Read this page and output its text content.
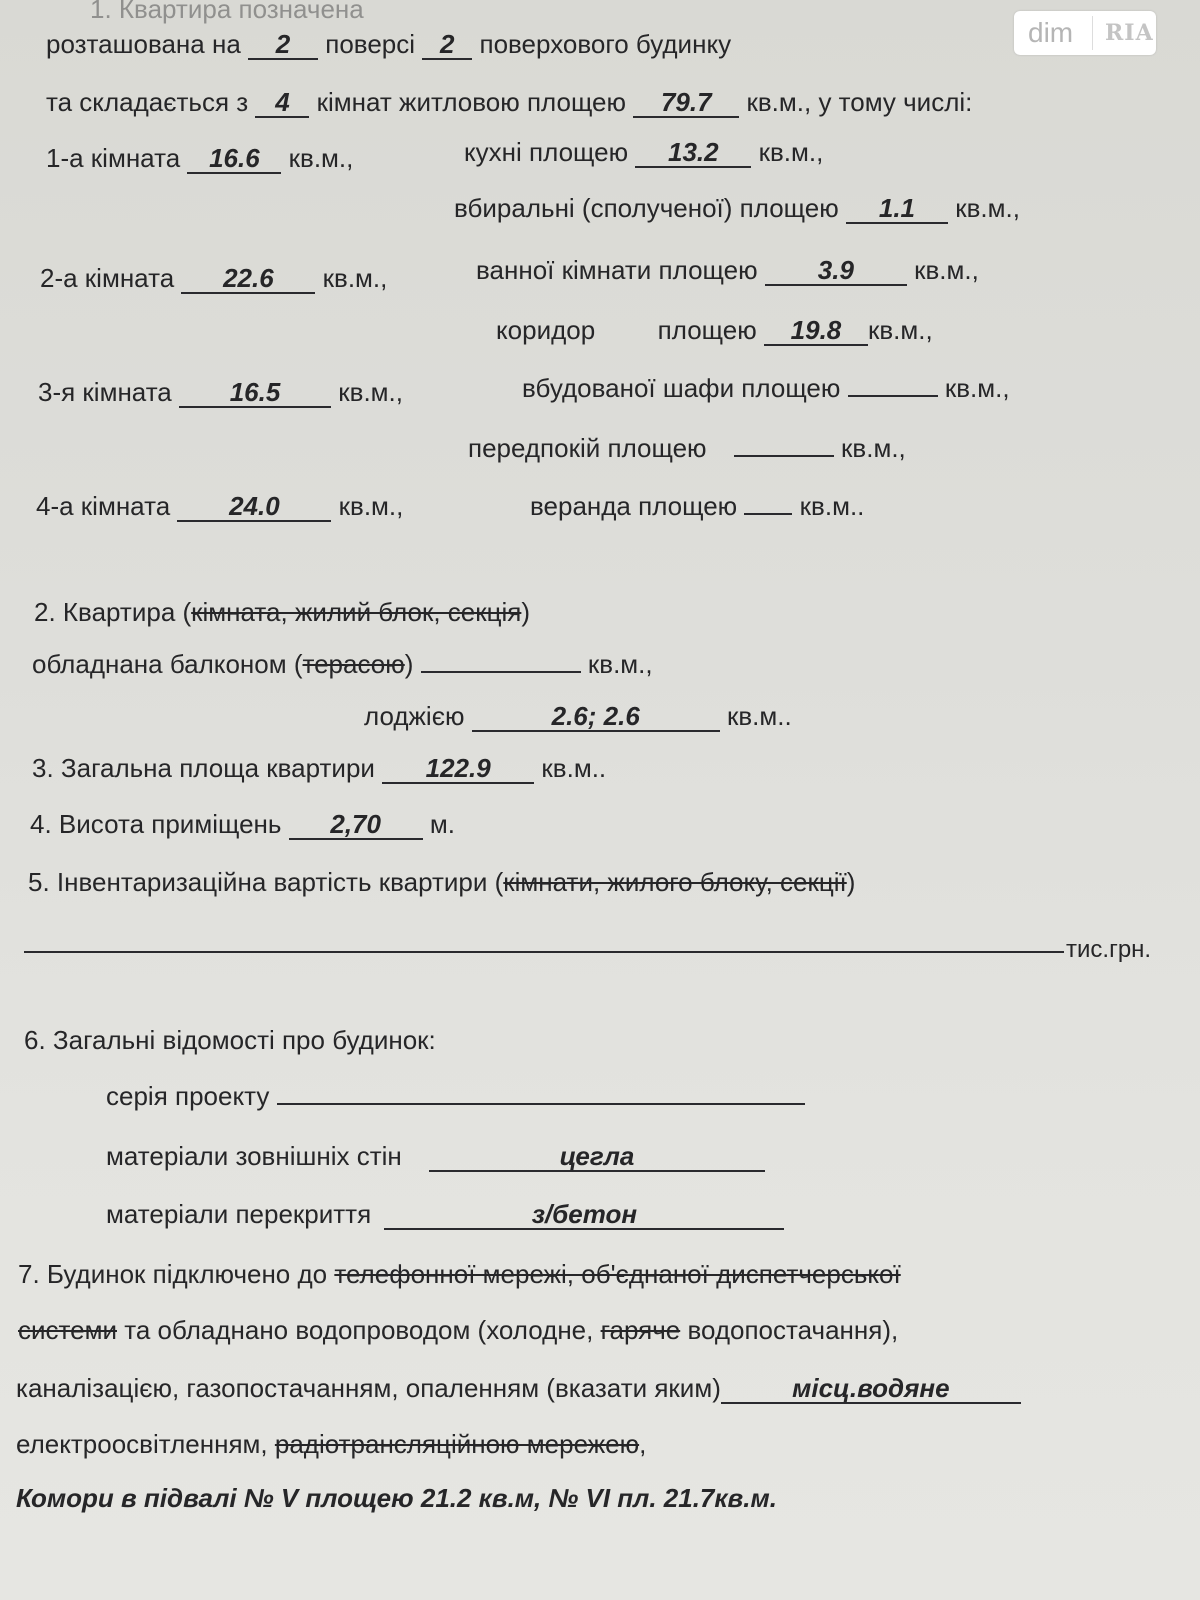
1. Квартира позначена
dim	RIA
розташована на 2 поверсі 2 поверхового будинку
та складається з 4 кімнат житловою площею 79.7 кв.м., у тому числі:
1-а кімната 16.6 кв.м.,	кухні площею 13.2 кв.м.,
вбиральні (сполученої) площею 1.1 кв.м.,
2-а кімната 22.6 кв.м.,	ванної кімнати площею 3.9 кв.м.,
коридор площею 19.8 кв.м.,
3-я кімната 16.5 кв.м.,	вбудованої шафи площею	кв.м.,
передпокій площею	кв.м.,
4-а кімната 24.0 кв.м.,	веранда площею кв.м..
2. Квартира (кімната, жилий блок, секція)
обладнана балконом (терасою)	кв.м.,
лоджією	2.6; 2.6	кв.м..
3. Загальна площа квартири 122.9 кв.м..
4. Висота приміщень 2,70 м.
5. Інвентаризаційна вартість квартири (кімнати, жилого блоку, секції)
тис.грн.
6. Загальні відомості про будинок:
серія проекту
матеріали зовнішніх стін	цегла
матеріали перекриття	з/бетон
7. Будинок підключено до телефонної мережі, об'єднаної диспетчерської
системи та обладнано водопроводом (холодне, гаряче водопостачання),
каналізацією, газопостачанням, опаленням (вказати яким)	місц.водяне
електроосвітленням, радіотрансляційною мережею,
Комори в підвалі № V площею 21.2 кв.м, № VI пл. 21.7кв.м.
